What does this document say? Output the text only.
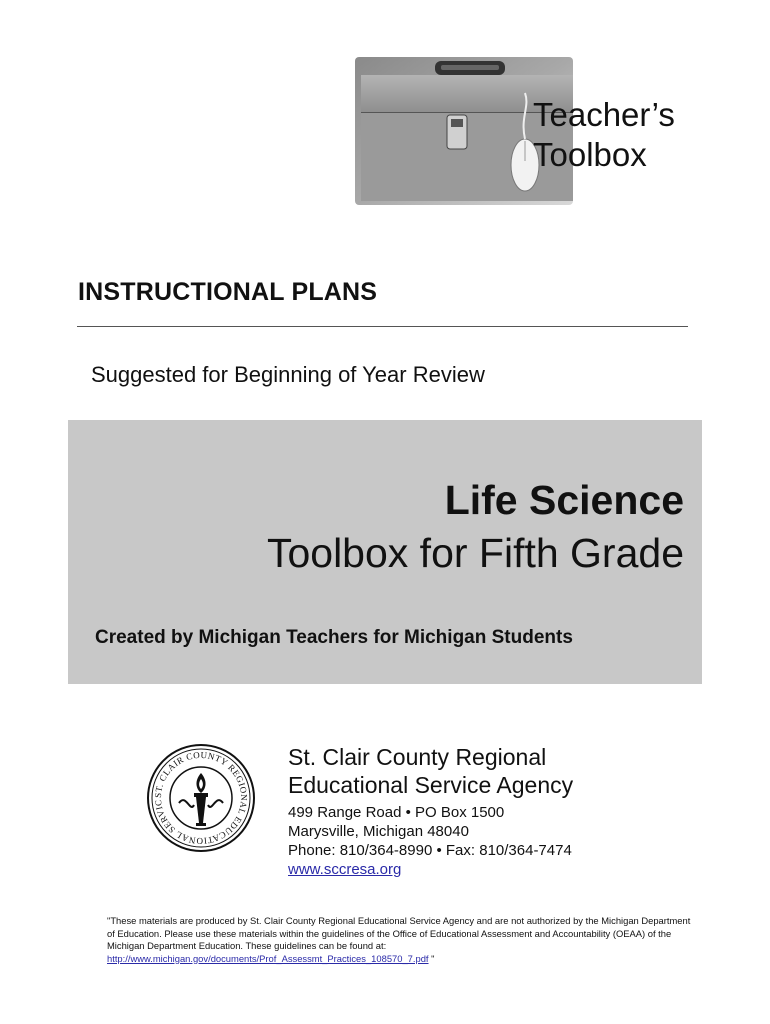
Teacher’s
Toolbox
INSTRUCTIONAL PLANS
Suggested for Beginning of Year Review
Life Science
Toolbox for Fifth Grade
Created by Michigan Teachers for Michigan Students
ST. CLAIR COUNTY REGIONAL EDUCATIONAL SERVIC
St. Clair County Regional
Educational Service Agency
499 Range Road • PO Box 1500
Marysville, Michigan 48040
Phone: 810/364-8990 • Fax: 810/364-7474
www.sccresa.org
"These materials are produced by St. Clair County Regional Educational Service Agency and are not authorized by the Michigan Department of Education. Please use these materials within the guidelines of the Office of Educational Assessment and Accountability (OEAA) of the Michigan Department Education. These guidelines can be found at:
http://www.michigan.gov/documents/Prof_Assessmt_Practices_108570_7.pdf "
